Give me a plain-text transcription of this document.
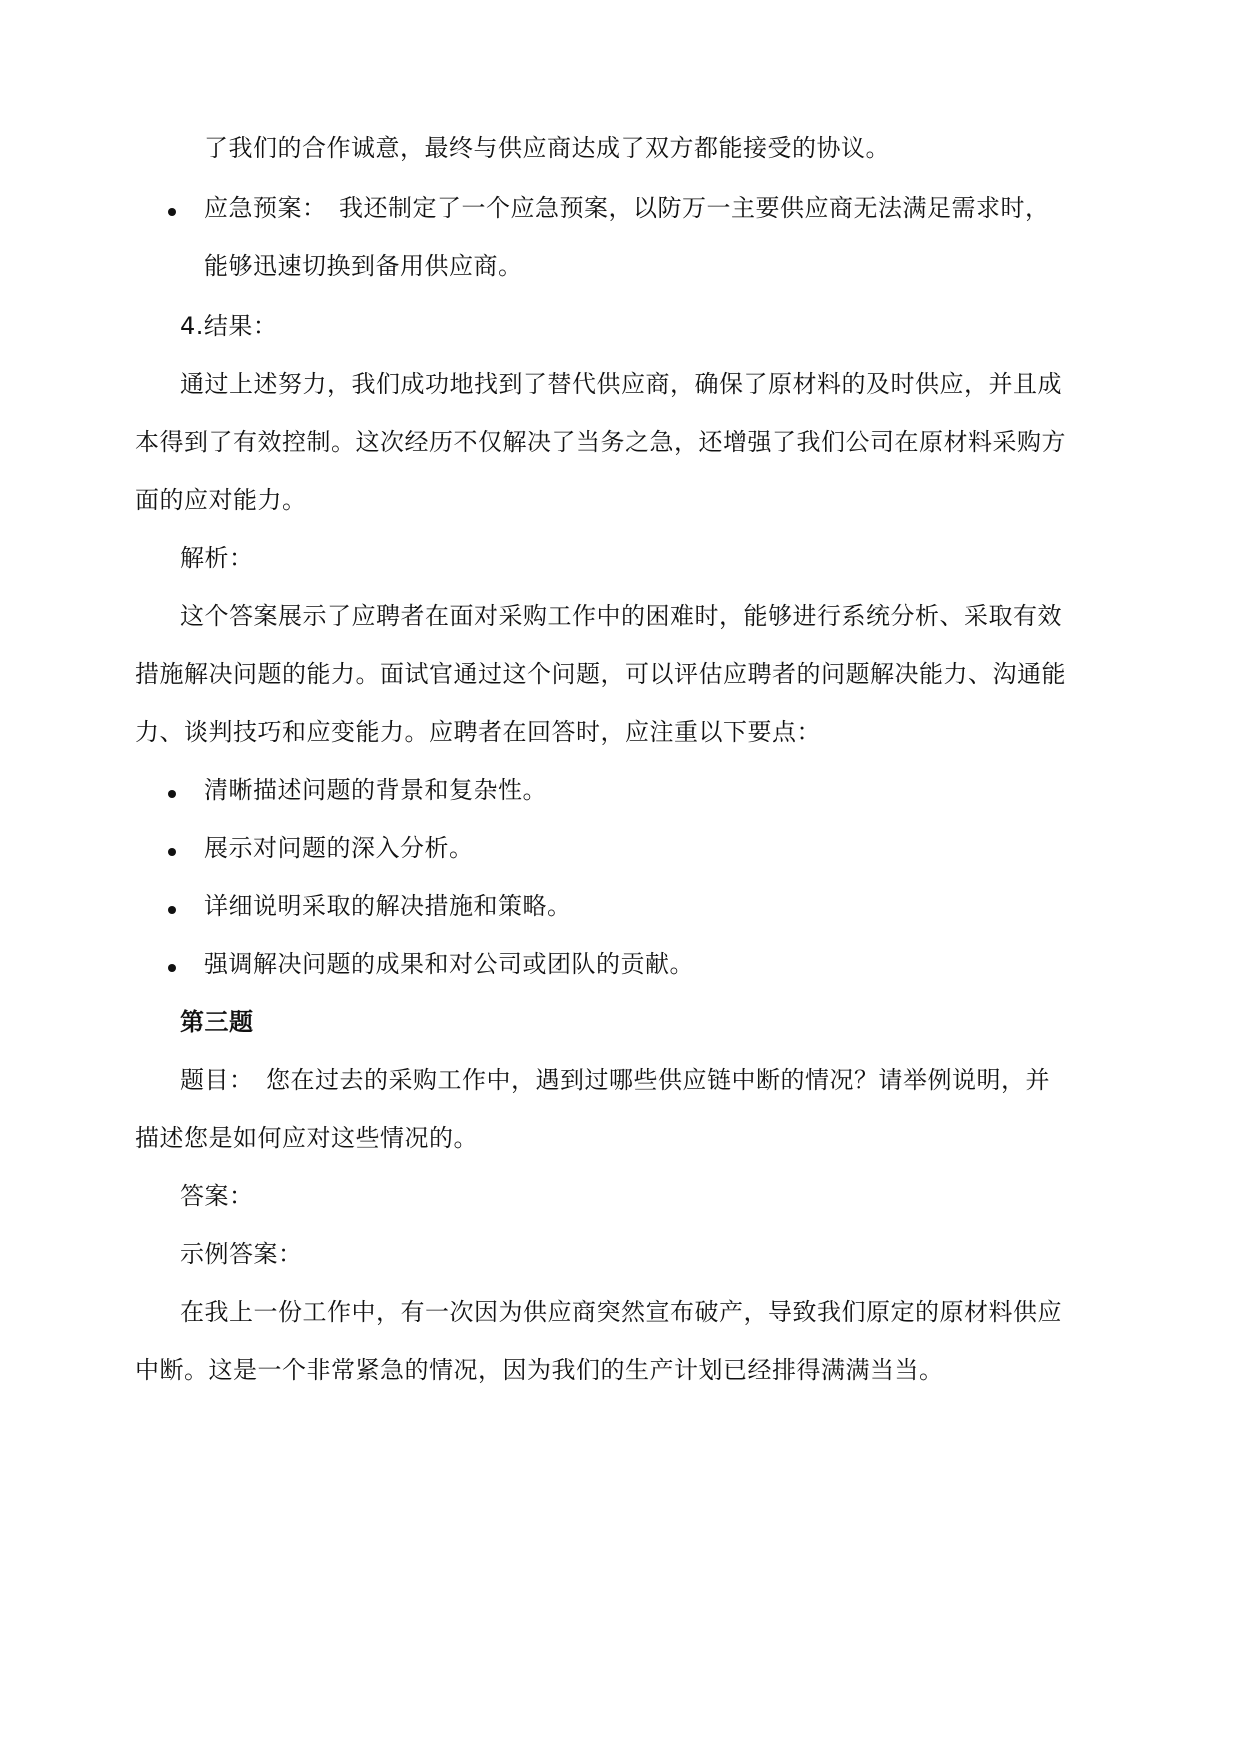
了我们的合作诚意，最终与供应商达成了双方都能接受的协议。
应急预案：　我还制定了一个应急预案，以防万一主要供应商无法满足需求时，
能够迅速切换到备用供应商。
4.结果：
通过上述努力，我们成功地找到了替代供应商，确保了原材料的及时供应，并且成
本得到了有效控制。这次经历不仅解决了当务之急，还增强了我们公司在原材料采购方
面的应对能力。
解析：
这个答案展示了应聘者在面对采购工作中的困难时，能够进行系统分析、采取有效
措施解决问题的能力。面试官通过这个问题，可以评估应聘者的问题解决能力、沟通能
力、谈判技巧和应变能力。应聘者在回答时，应注重以下要点：
清晰描述问题的背景和复杂性。
展示对问题的深入分析。
详细说明采取的解决措施和策略。
强调解决问题的成果和对公司或团队的贡献。
第三题
题目：　您在过去的采购工作中，遇到过哪些供应链中断的情况？请举例说明，并
描述您是如何应对这些情况的。
答案：
示例答案：
在我上一份工作中，有一次因为供应商突然宣布破产，导致我们原定的原材料供应
中断。这是一个非常紧急的情况，因为我们的生产计划已经排得满满当当。
